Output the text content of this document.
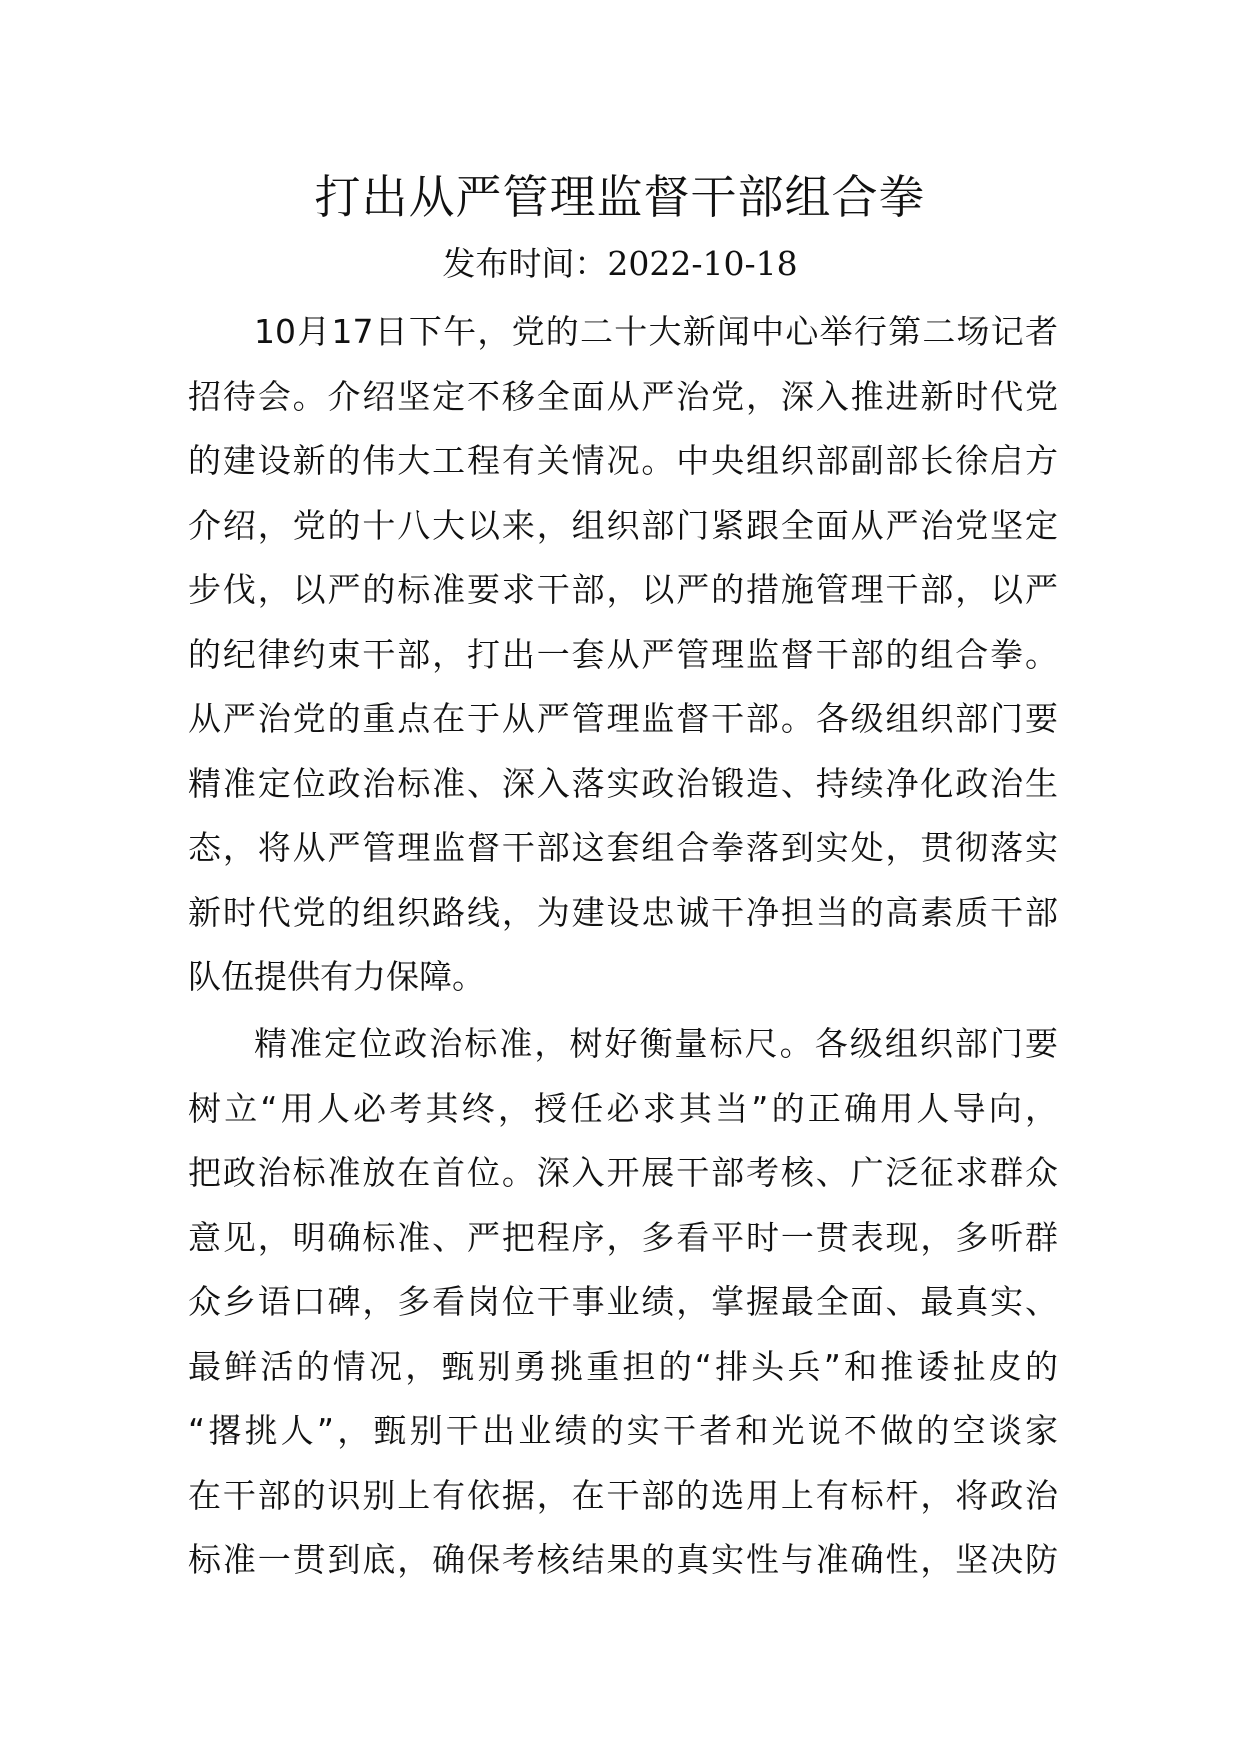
打出从严管理监督干部组合拳
发布时间：2022-10-18
10月17日下午，党的二十大新闻中心举行第二场记者
招待会。介绍坚定不移全面从严治党，深入推进新时代党
的建设新的伟大工程有关情况。中央组织部副部长徐启方
介绍，党的十八大以来，组织部门紧跟全面从严治党坚定
步伐，以严的标准要求干部，以严的措施管理干部，以严
的纪律约束干部，打出一套从严管理监督干部的组合拳。
从严治党的重点在于从严管理监督干部。各级组织部门要
精准定位政治标准、深入落实政治锻造、持续净化政治生
态，将从严管理监督干部这套组合拳落到实处，贯彻落实
新时代党的组织路线，为建设忠诚干净担当的高素质干部
队伍提供有力保障。
精准定位政治标准，树好衡量标尺。各级组织部门要
树立“用人必考其终，授任必求其当”的正确用人导向，
把政治标准放在首位。深入开展干部考核、广泛征求群众
意见，明确标准、严把程序，多看平时一贯表现，多听群
众乡语口碑，多看岗位干事业绩，掌握最全面、最真实、
最鲜活的情况，甄别勇挑重担的“排头兵”和推诿扯皮的
“撂挑人”，甄别干出业绩的实干者和光说不做的空谈家
在干部的识别上有依据，在干部的选用上有标杆，将政治
标准一贯到底，确保考核结果的真实性与准确性，坚决防
